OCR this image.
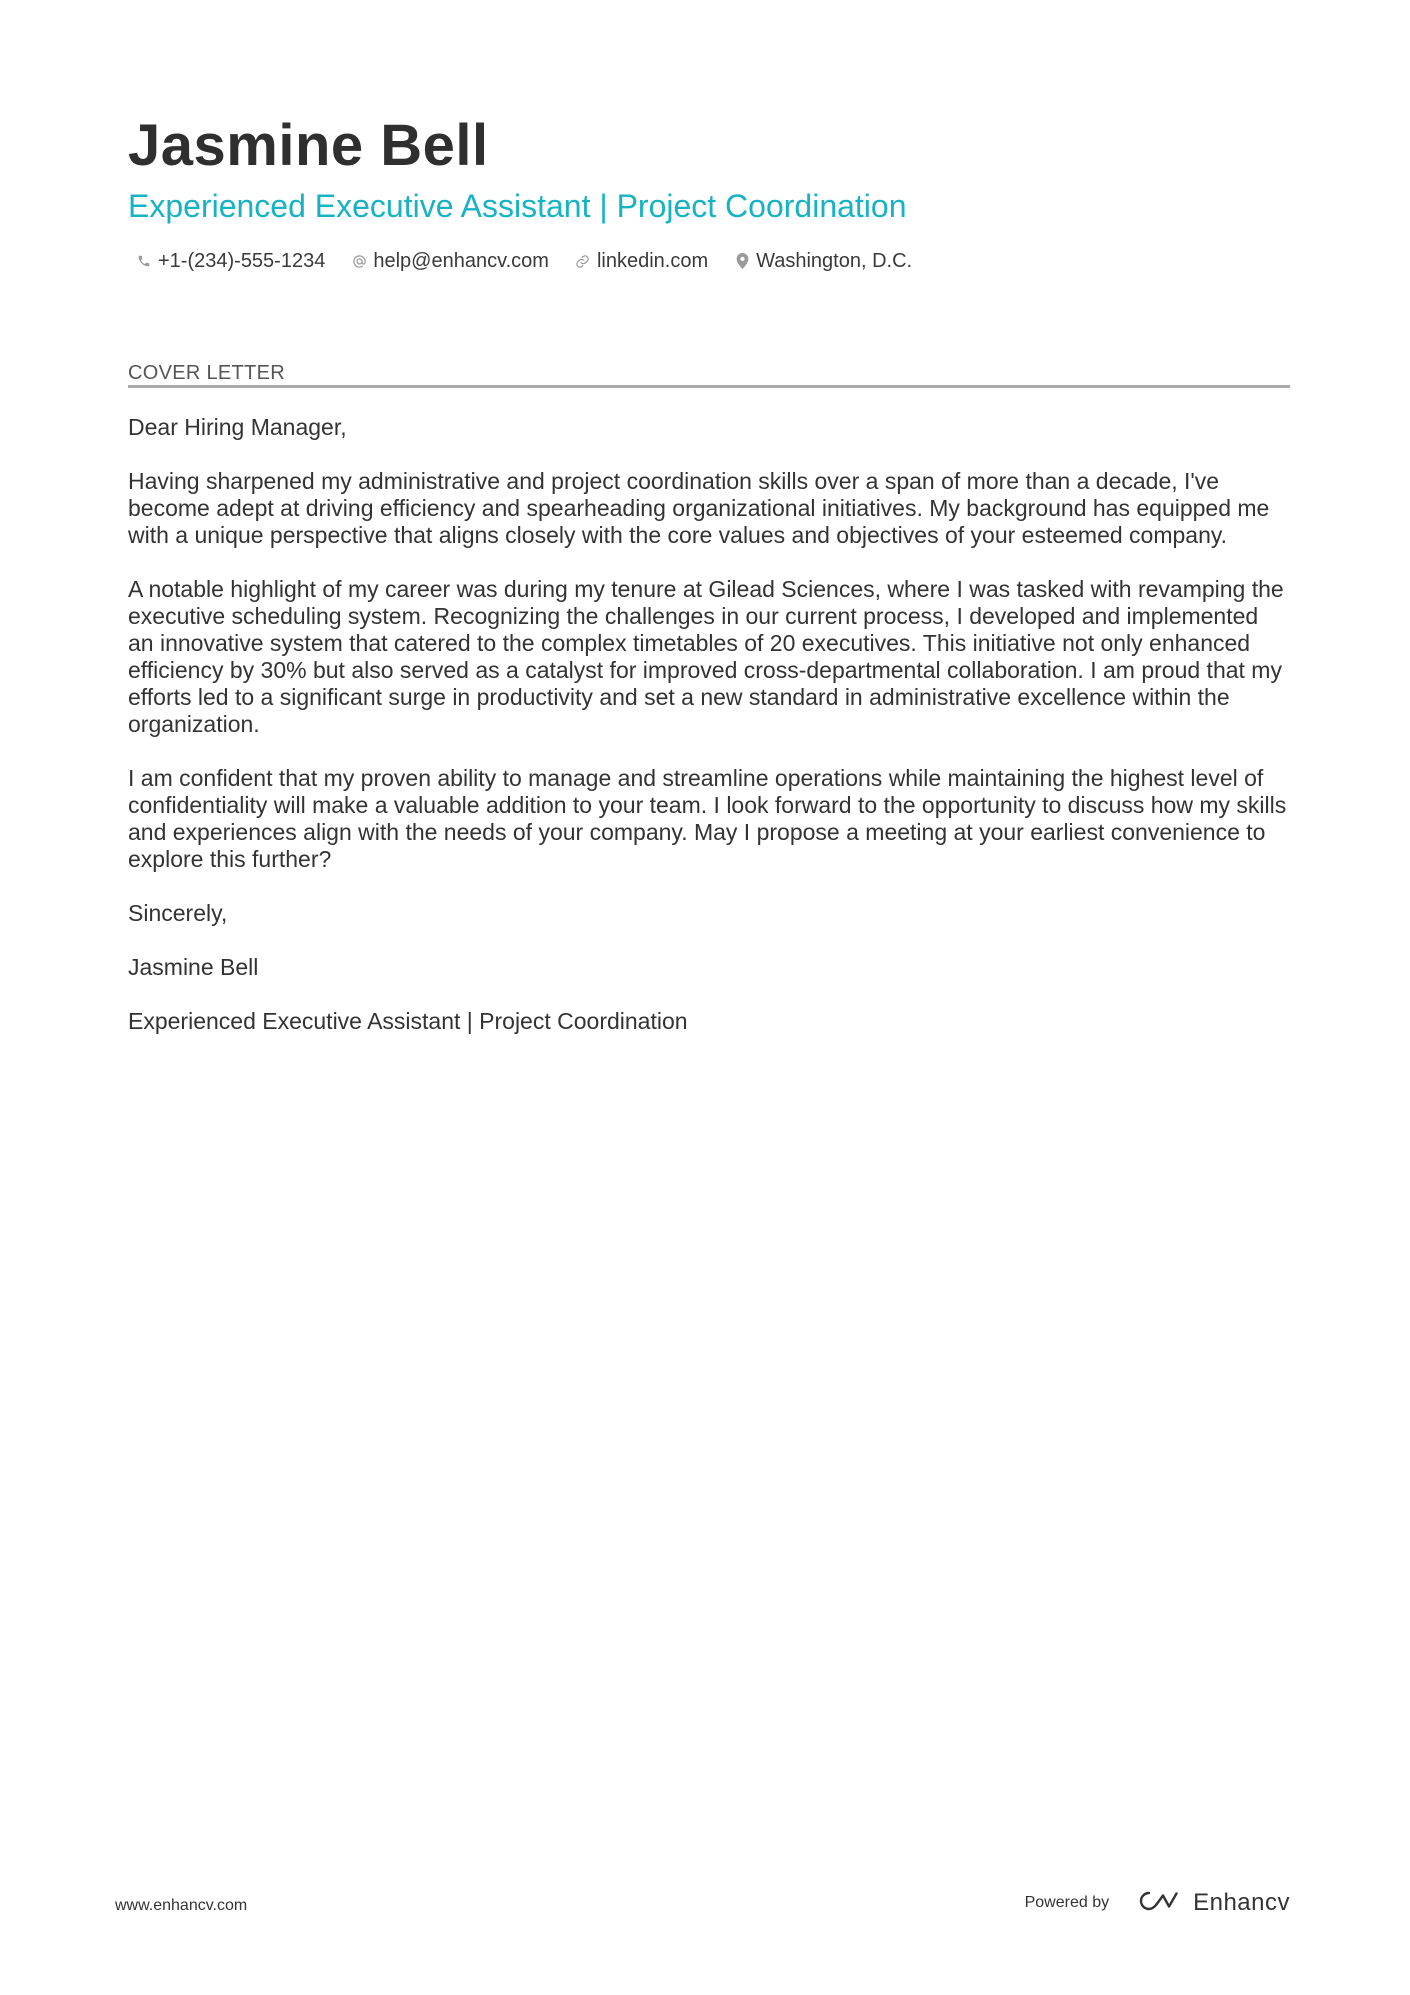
Jasmine Bell
Experienced Executive Assistant | Project Coordination
+1-(234)-555-1234 help@enhancv.com linkedin.com Washington, D.C.
COVER LETTER

Dear Hiring Manager,

Having sharpened my administrative and project coordination skills over a span of more than a decade, I've become adept at driving efficiency and spearheading organizational initiatives. My background has equipped me with a unique perspective that aligns closely with the core values and objectives of your esteemed company.

A notable highlight of my career was during my tenure at Gilead Sciences, where I was tasked with revamping the executive scheduling system. Recognizing the challenges in our current process, I developed and implemented an innovative system that catered to the complex timetables of 20 executives. This initiative not only enhanced efficiency by 30% but also served as a catalyst for improved cross-departmental collaboration. I am proud that my efforts led to a significant surge in productivity and set a new standard in administrative excellence within the organization.

I am confident that my proven ability to manage and streamline operations while maintaining the highest level of confidentiality will make a valuable addition to your team. I look forward to the opportunity to discuss how my skills and experiences align with the needs of your company. May I propose a meeting at your earliest convenience to explore this further?

Sincerely,

Jasmine Bell

Experienced Executive Assistant | Project Coordination

www.enhancv.com	Powered by	Enhancv
